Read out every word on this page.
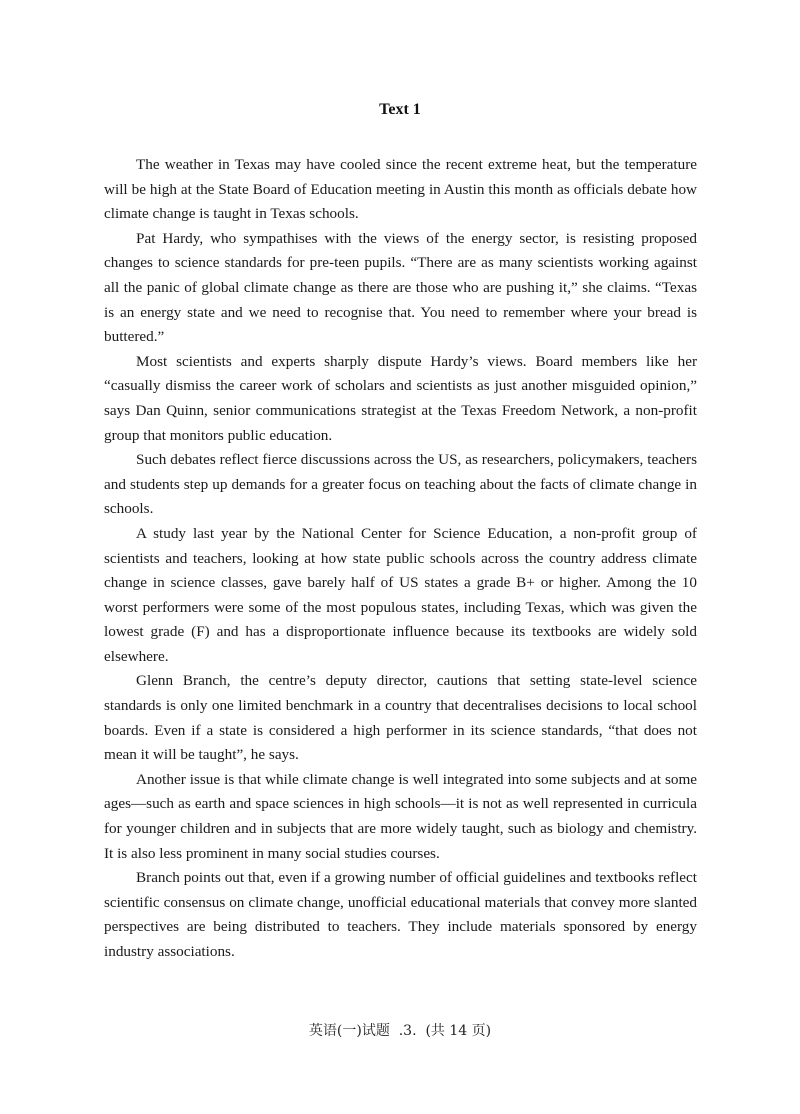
Text 1

The weather in Texas may have cooled since the recent extreme heat, but the temperature will be high at the State Board of Education meeting in Austin this month as officials debate how climate change is taught in Texas schools.

Pat Hardy, who sympathises with the views of the energy sector, is resisting proposed changes to science standards for pre-teen pupils. “There are as many scientists working against all the panic of global climate change as there are those who are pushing it,” she claims. “Texas is an energy state and we need to recognise that. You need to remember where your bread is buttered.”

Most scientists and experts sharply dispute Hardy’s views. Board members like her “casually dismiss the career work of scholars and scientists as just another misguided opinion,” says Dan Quinn, senior communications strategist at the Texas Freedom Network, a non-profit group that monitors public education.

Such debates reflect fierce discussions across the US, as researchers, policymakers, teachers and students step up demands for a greater focus on teaching about the facts of climate change in schools.

A study last year by the National Center for Science Education, a non-profit group of scientists and teachers, looking at how state public schools across the country address climate change in science classes, gave barely half of US states a grade B+ or higher. Among the 10 worst performers were some of the most populous states, including Texas, which was given the lowest grade (F) and has a disproportionate influence because its textbooks are widely sold elsewhere.

Glenn Branch, the centre’s deputy director, cautions that setting state-level science standards is only one limited benchmark in a country that decentralises decisions to local school boards. Even if a state is considered a high performer in its science standards, “that does not mean it will be taught”, he says.

Another issue is that while climate change is well integrated into some subjects and at some ages—such as earth and space sciences in high schools—it is not as well represented in curricula for younger children and in subjects that are more widely taught, such as biology and chemistry. It is also less prominent in many social studies courses.

Branch points out that, even if a growing number of official guidelines and textbooks reflect scientific consensus on climate change, unofficial educational materials that convey more slanted perspectives are being distributed to teachers. They include materials sponsored by energy industry associations.

英语(一)试题  .3.  (共 14 页)
